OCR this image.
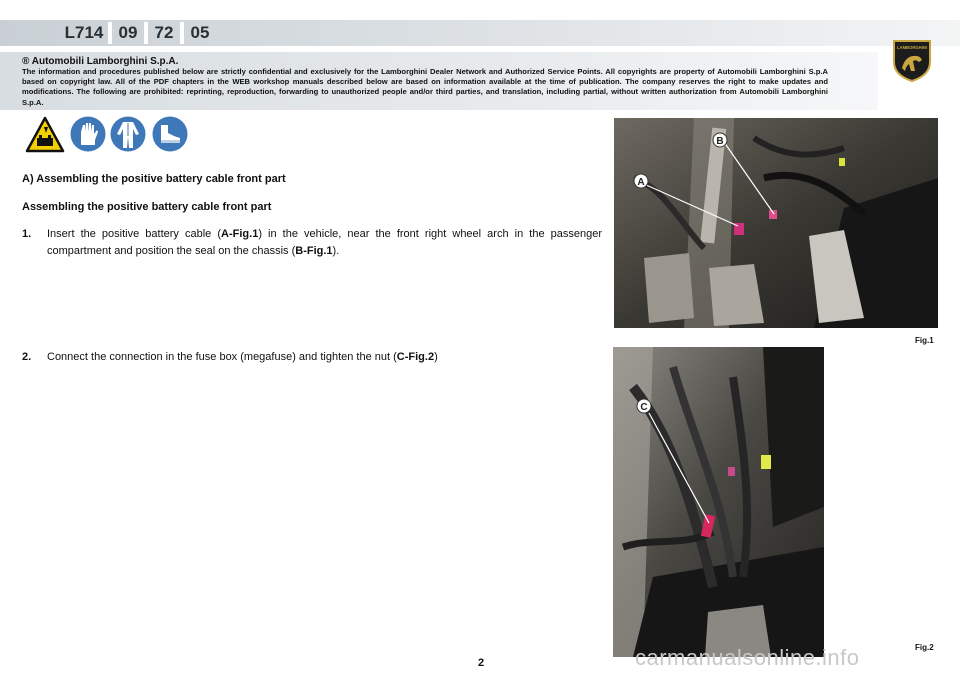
L714 09	72	05
LAMBORGHINI
® Automobili Lamborghini S.p.A.
The information and procedures published below are strictly confidential and exclusively for the Lamborghini Dealer Network and Authorized Service Points. All copyrights are property of Automobili Lamborghini S.p.A based on copyright law. All of the PDF chapters in the WEB workshop manuals described below are based on information available at the time of publication. The company reserves the right to make updates and modifications. The following are prohibited: reprinting, reproduction, forwarding to unauthorized people and/or third parties, and translation, including partial, without written authorization from Automobili Lamborghini S.p.A.
A) Assembling the positive battery cable front part
Assembling the positive battery cable front part
1. Insert the positive battery cable (A-Fig.1) in the vehicle, near the front right wheel arch in the passenger compartment and position the seal on the chassis (B-Fig.1).
2. Connect the connection in the fuse box (megafuse) and tighten the nut (C-Fig.2)
A
B
Fig.1
C
Fig.2
2	carmanualsonline.info
